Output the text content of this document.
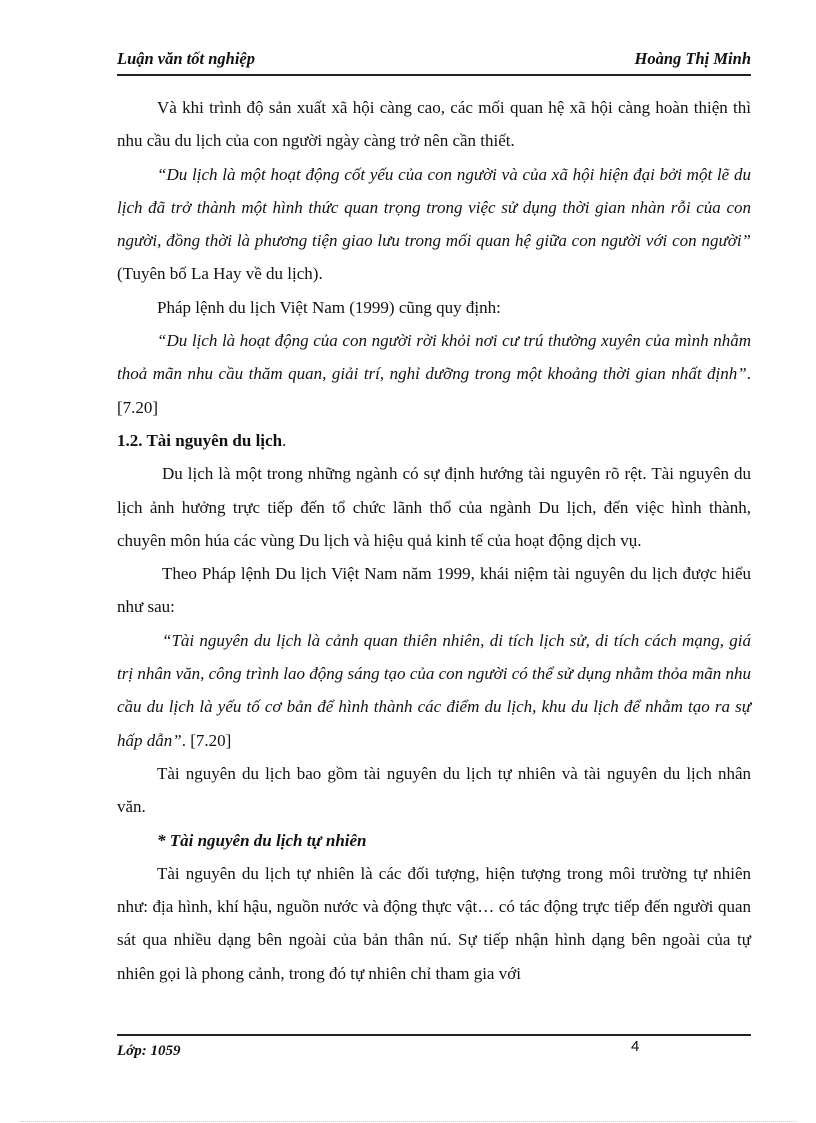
Luận văn tốt nghiệp	Hoàng Thị Minh

Và khi trình độ sản xuất xã hội càng cao, các mối quan hệ xã hội càng hoàn thiện thì nhu cầu du lịch của con người ngày càng trở nên cần thiết.

“Du lịch là một hoạt động cốt yếu của con người và của xã hội hiện đại bởi một lẽ du lịch đã trở thành một hình thức quan trọng trong việc sử dụng thời gian nhàn rỗi của con người, đồng thời là phương tiện giao lưu trong mối quan hệ giữa con người với con người” (Tuyên bố La Hay về du lịch).

Pháp lệnh du lịch Việt Nam (1999) cũng quy định:

“Du lịch là hoạt động của con người rời khỏi nơi cư trú thường xuyên của mình nhằm thoả mãn nhu cầu thăm quan, giải trí, nghỉ dưỡng trong một khoảng thời gian nhất định”.[7.20]

1.2. Tài nguyên du lịch.

Du lịch là một trong những ngành có sự định hướng tài nguyên rõ rệt. Tài nguyên du lịch ảnh hưởng trực tiếp đến tổ chức lãnh thổ của ngành Du lịch, đến việc hình thành, chuyên môn húa các vùng Du lịch và hiệu quả kinh tế của hoạt động dịch vụ.

Theo Pháp lệnh Du lịch Việt Nam năm 1999, khái niệm tài nguyên du lịch được hiểu như sau:

“Tài nguyên du lịch là cảnh quan thiên nhiên, di tích lịch sử, di tích cách mạng, giá trị nhân văn, công trình lao động sáng tạo của con người có thể sử dụng nhằm thỏa mãn nhu cầu du lịch là yếu tố cơ bản để hình thành các điểm du lịch, khu du lịch để nhằm tạo ra sự hấp dẫn”. [7.20]

Tài nguyên du lịch bao gồm tài nguyên du lịch tự nhiên và tài nguyên du lịch nhân văn.

* Tài nguyên du lịch tự nhiên

Tài nguyên du lịch tự nhiên là các đối tượng, hiện tượng trong môi trường tự nhiên như: địa hình, khí hậu, nguồn nước và động thực vật… có tác động trực tiếp đến người quan sát qua nhiều dạng bên ngoài của bản thân nú. Sự tiếp nhận hình dạng bên ngoài của tự nhiên gọi là phong cảnh, trong đó tự nhiên chỉ tham gia với

Lớp: 1059	4
